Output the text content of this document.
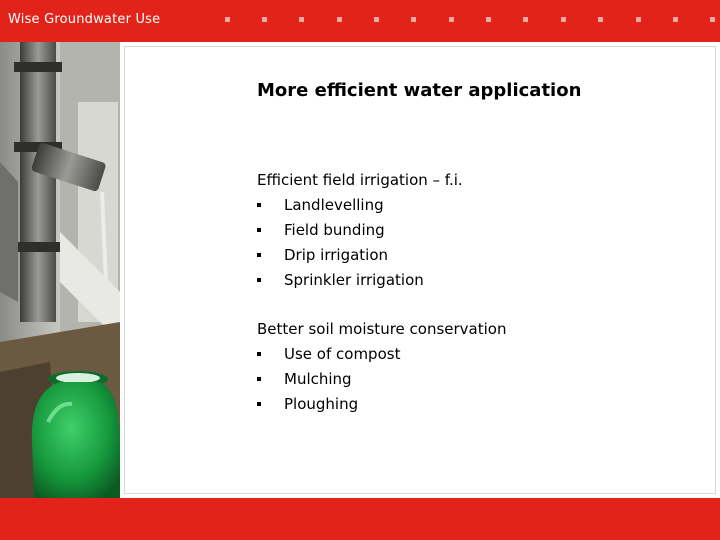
Wise Groundwater Use
More efficient water application
Efficient field irrigation – f.i.
Landlevelling
Field bunding
Drip irrigation
Sprinkler irrigation
Better soil moisture conservation
Use of compost
Mulching
Ploughing
